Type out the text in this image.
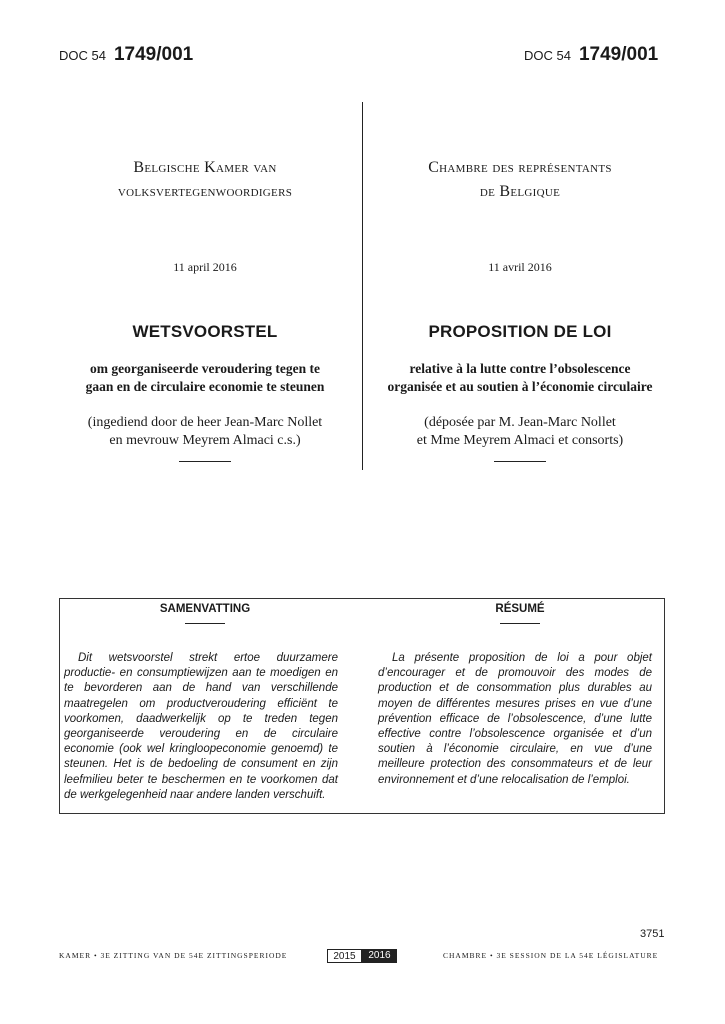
DOC 54 1749/001	DOC 54 1749/001
Belgische Kamer van
volksvertegenwoordigers
11 april 2016
WETSVOORSTEL
om georganiseerde veroudering tegen te
gaan en de circulaire economie te steunen
(ingediend door de heer Jean-Marc Nollet
en mevrouw Meyrem Almaci c.s.)
Chambre des représentants
de Belgique
11 avril 2016
PROPOSITION DE LOI
relative à la lutte contre l’obsolescence
organisée et au soutien à l’économie circulaire
(déposée par M. Jean-Marc Nollet
et Mme Meyrem Almaci et consorts)
SAMENVATTING	RÉSUMÉ
Dit wetsvoorstel strekt ertoe duurzamere productie- en consumptiewijzen aan te moedigen en te bevorderen aan de hand van verschillende maatregelen om productveroudering efficiënt te voorkomen, daadwerkelijk op te treden tegen georganiseerde veroudering en de circulaire economie (ook wel kringloopeconomie genoemd) te steunen. Het is de bedoeling de consument en zijn leefmilieu beter te beschermen en te voorkomen dat de werkgelegenheid naar andere landen verschuift.
La présente proposition de loi a pour objet d’encourager et de promouvoir des modes de production et de consommation plus durables au moyen de différentes mesures prises en vue d’une prévention efficace de l’obsolescence, d’une lutte effective contre l’obsolescence organisée et d’un soutien à l’économie circulaire, en vue d’une meilleure protection des consommateurs et de leur environnement et d’une relocalisation de l’emploi.
3751
KAMER • 3E ZITTING VAN DE 54E ZITTINGSPERIODE	2015	2016	CHAMBRE • 3E SESSION DE LA 54E LÉGISLATURE
